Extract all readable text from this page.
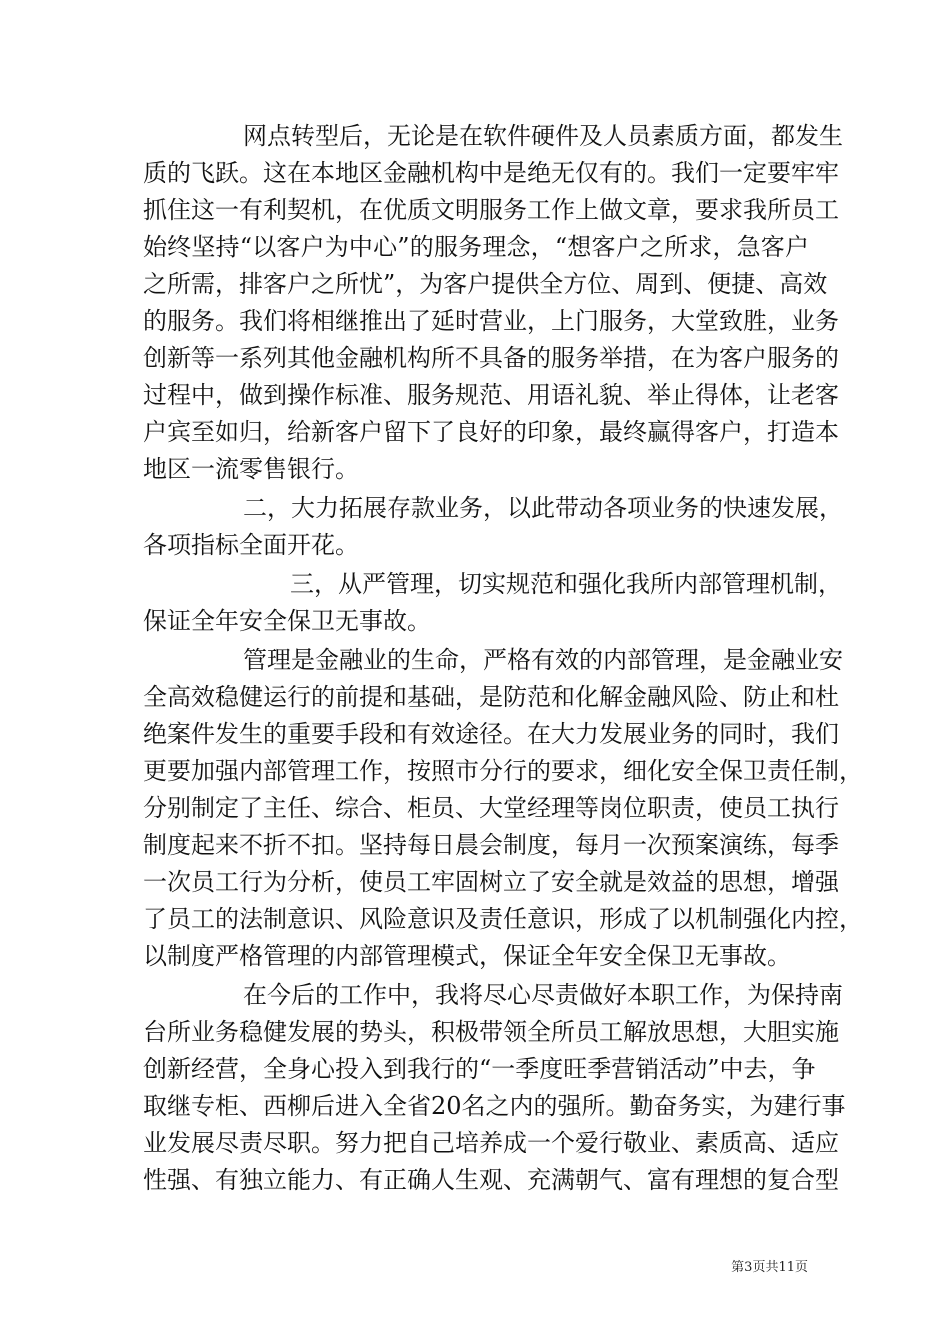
网点转型后，无论是在软件硬件及人员素质方面，都发生
质的飞跃。这在本地区金融机构中是绝无仅有的。我们一定要牢牢
抓住这一有利契机，在优质文明服务工作上做文章，要求我所员工
始终坚持“以客户为中心”的服务理念，“想客户之所求，急客户
之所需，排客户之所忧”，为客户提供全方位、周到、便捷、高效
的服务。我们将相继推出了延时营业，上门服务，大堂致胜，业务
创新等一系列其他金融机构所不具备的服务举措，在为客户服务的
过程中，做到操作标准、服务规范、用语礼貌、举止得体，让老客
户宾至如归，给新客户留下了良好的印象，最终赢得客户，打造本
地区一流零售银行。
二，大力拓展存款业务，以此带动各项业务的快速发展，
各项指标全面开花。
三，从严管理，切实规范和强化我所内部管理机制，
保证全年安全保卫无事故。
管理是金融业的生命，严格有效的内部管理，是金融业安
全高效稳健运行的前提和基础，是防范和化解金融风险、防止和杜
绝案件发生的重要手段和有效途径。在大力发展业务的同时，我们
更要加强内部管理工作，按照市分行的要求，细化安全保卫责任制，
分别制定了主任、综合、柜员、大堂经理等岗位职责，使员工执行
制度起来不折不扣。坚持每日晨会制度，每月一次预案演练，每季
一次员工行为分析，使员工牢固树立了安全就是效益的思想，增强
了员工的法制意识、风险意识及责任意识，形成了以机制强化内控，
以制度严格管理的内部管理模式，保证全年安全保卫无事故。
在今后的工作中，我将尽心尽责做好本职工作，为保持南
台所业务稳健发展的势头，积极带领全所员工解放思想，大胆实施
创新经营，全身心投入到我行的“一季度旺季营销活动”中去，争
取继专柜、西柳后进入全省20名之内的强所。勤奋务实，为建行事
业发展尽责尽职。努力把自己培养成一个爱行敬业、素质高、适应
性强、有独立能力、有正确人生观、充满朝气、富有理想的复合型
第3页共11页
